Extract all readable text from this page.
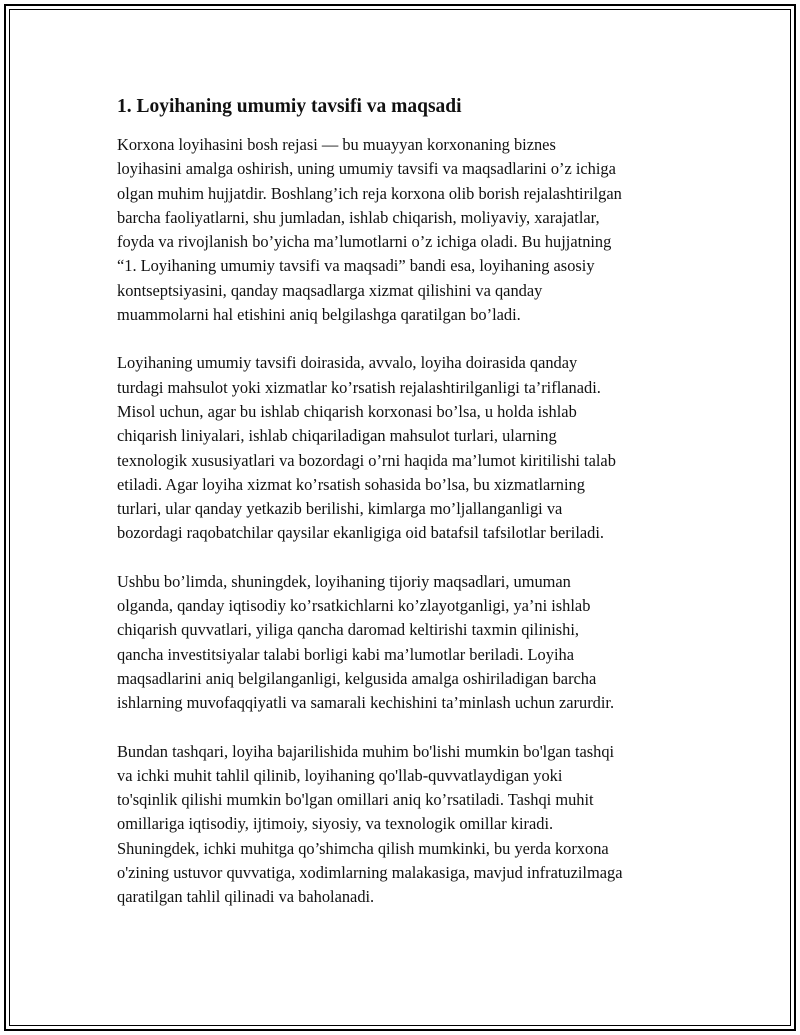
1. Loyihaning umumiy tavsifi va maqsadi

Korxona loyihasini bosh rejasi — bu muayyan korxonaning biznes
loyihasini amalga oshirish, uning umumiy tavsifi va maqsadlarini o’z ichiga
olgan muhim hujjatdir. Boshlang’ich reja korxona olib borish rejalashtirilgan
barcha faoliyatlarni, shu jumladan, ishlab chiqarish, moliyaviy, xarajatlar,
foyda va rivojlanish bo’yicha ma’lumotlarni o’z ichiga oladi. Bu hujjatning
“1. Loyihaning umumiy tavsifi va maqsadi” bandi esa, loyihaning asosiy
kontseptsiyasini, qanday maqsadlarga xizmat qilishini va qanday
muammolarni hal etishini aniq belgilashga qaratilgan bo’ladi.

Loyihaning umumiy tavsifi doirasida, avvalo, loyiha doirasida qanday
turdagi mahsulot yoki xizmatlar ko’rsatish rejalashtirilganligi ta’riflanadi.
Misol uchun, agar bu ishlab chiqarish korxonasi bo’lsa, u holda ishlab
chiqarish liniyalari, ishlab chiqariladigan mahsulot turlari, ularning
texnologik xususiyatlari va bozordagi o’rni haqida ma’lumot kiritilishi talab
etiladi. Agar loyiha xizmat ko’rsatish sohasida bo’lsa, bu xizmatlarning
turlari, ular qanday yetkazib berilishi, kimlarga mo’ljallanganligi va
bozordagi raqobatchilar qaysilar ekanligiga oid batafsil tafsilotlar beriladi.

Ushbu bo’limda, shuningdek, loyihaning tijoriy maqsadlari, umuman
olganda, qanday iqtisodiy ko’rsatkichlarni ko’zlayotganligi, ya’ni ishlab
chiqarish quvvatlari, yiliga qancha daromad keltirishi taxmin qilinishi,
qancha investitsiyalar talabi borligi kabi ma’lumotlar beriladi. Loyiha
maqsadlarini aniq belgilanganligi, kelgusida amalga oshiriladigan barcha
ishlarning muvofaqqiyatli va samarali kechishini ta’minlash uchun zarurdir.

Bundan tashqari, loyiha bajarilishida muhim bo'lishi mumkin bo'lgan tashqi
va ichki muhit tahlil qilinib, loyihaning qo'llab-quvvatlaydigan yoki
to'sqinlik qilishi mumkin bo'lgan omillari aniq ko’rsatiladi. Tashqi muhit
omillariga iqtisodiy, ijtimoiy, siyosiy, va texnologik omillar kiradi.
Shuningdek, ichki muhitga qo’shimcha qilish mumkinki, bu yerda korxona
o'zining ustuvor quvvatiga, xodimlarning malakasiga, mavjud infratuzilmaga
qaratilgan tahlil qilinadi va baholanadi.
